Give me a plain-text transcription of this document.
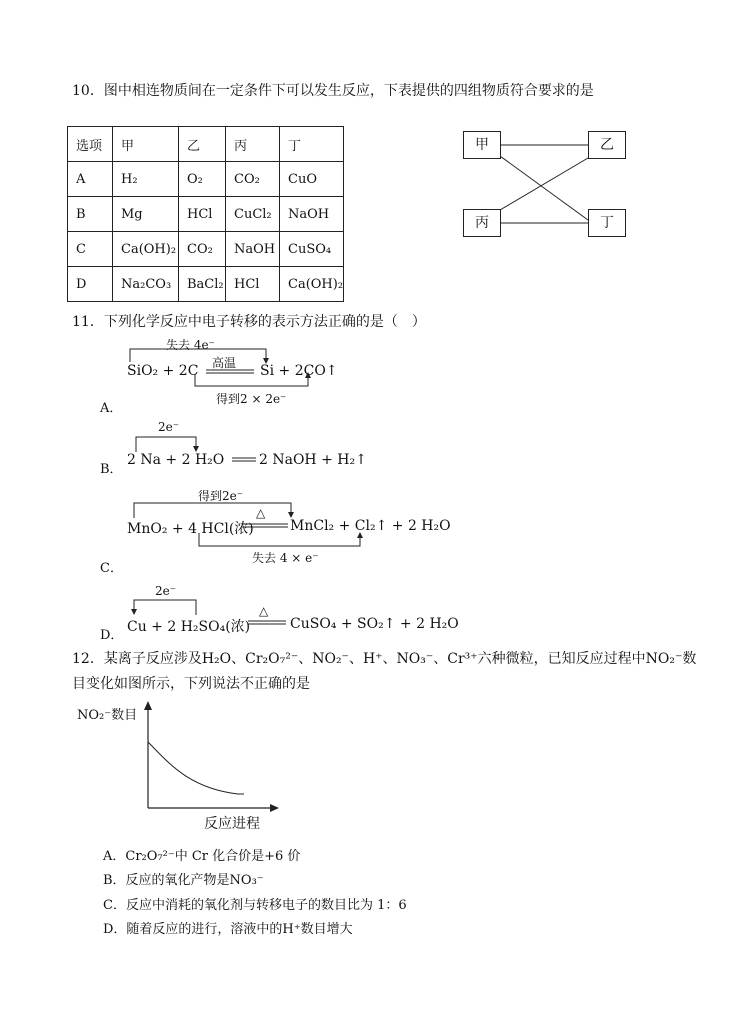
10．图中相连物质间在一定条件下可以发生反应，下表提供的四组物质符合要求的是
选项	甲	乙	丙	丁
A	H₂	O₂	CO₂	CuO
B	Mg	HCl	CuCl₂	NaOH
C	Ca(OH)₂	CO₂	NaOH	CuSO₄
D	Na₂CO₃	BaCl₂	HCl	Ca(OH)₂
甲	乙
丙	丁
11．下列化学反应中电子转移的表示方法正确的是（　）
失去 4e⁻
高温
SiO₂ + 2C	Si + 2CO↑
得到2 × 2e⁻
A．
2e⁻
2 Na + 2 H₂O 2 NaOH + H₂↑
B．
得到2e⁻
△
MnO₂ + 4 HCl(浓)	MnCl₂ + Cl₂↑ + 2 H₂O
失去 4 × e⁻
C．
2e⁻
△
Cu + 2 H₂SO₄(浓)	CuSO₄ + SO₂↑ + 2 H₂O
D．
12．某离子反应涉及H₂O、Cr₂O₇²⁻、NO₂⁻、H⁺、NO₃⁻、Cr³⁺六种微粒，已知反应过程中NO₂⁻数
目变化如图所示，下列说法不正确的是
NO₂⁻数目
反应进程
A．Cr₂O₇²⁻中 Cr 化合价是+6 价
B．反应的氧化产物是NO₃⁻
C．反应中消耗的氧化剂与转移电子的数目比为 1：6
D．随着反应的进行，溶液中的H⁺数目增大
